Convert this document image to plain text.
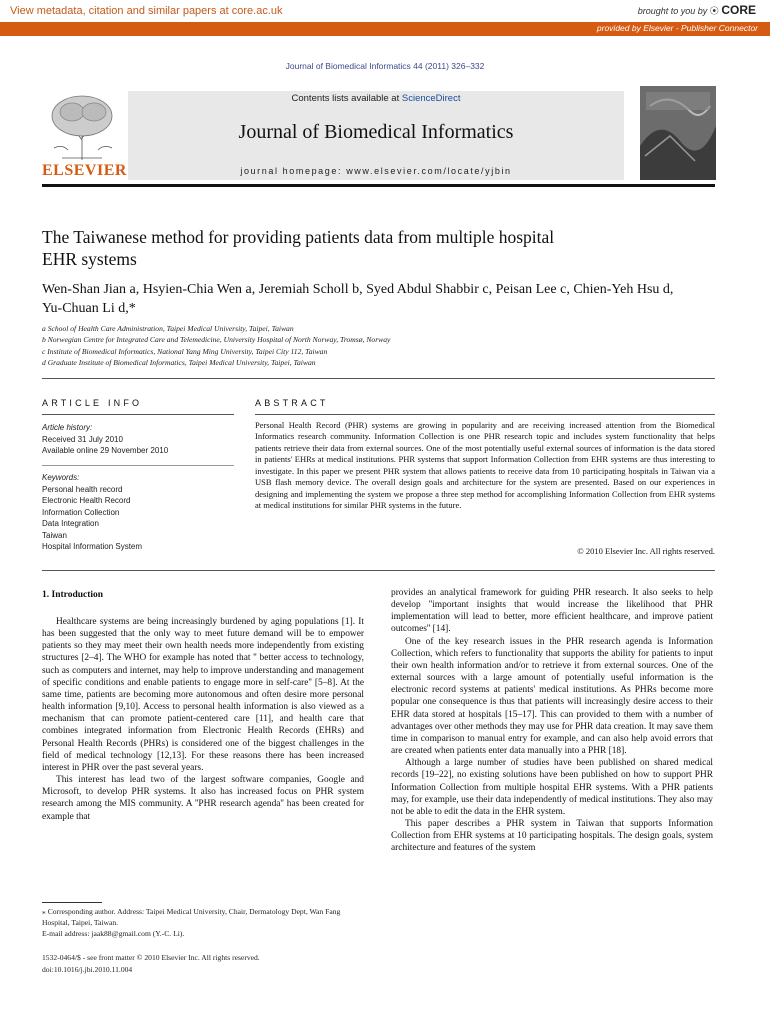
View metadata, citation and similar papers at core.ac.uk	brought to you by ⦿ CORE
provided by Elsevier - Publisher Connector
Journal of Biomedical Informatics 44 (2011) 326–332
ELSEVIER
Contents lists available at ScienceDirect
Journal of Biomedical Informatics
journal homepage: www.elsevier.com/locate/yjbin
The Taiwanese method for providing patients data from multiple hospital
EHR systems
Wen-Shan Jian a, Hsyien-Chia Wen a, Jeremiah Scholl b, Syed Abdul Shabbir c, Peisan Lee c, Chien-Yeh Hsu d,
Yu-Chuan Li d,*
a School of Health Care Administration, Taipei Medical University, Taipei, Taiwan
b Norwegian Centre for Integrated Care and Telemedicine, University Hospital of North Norway, Tromsø, Norway
c Institute of Biomedical Informatics, National Yang Ming University, Taipei City 112, Taiwan
d Graduate Institute of Biomedical Informatics, Taipei Medical University, Taipei, Taiwan
ARTICLE INFO
Article history:
Received 31 July 2010
Available online 29 November 2010
Keywords:
Personal health record
Electronic Health Record
Information Collection
Data Integration
Taiwan
Hospital Information System
ABSTRACT
Personal Health Record (PHR) systems are growing in popularity and are receiving increased attention from the Biomedical Informatics research community. Information Collection is one PHR research topic and includes system functionality that helps patients retrieve their data from external sources. One of the most potentially useful external sources of information is the data stored in patients' EHRs at medical institutions. PHR systems that support Information Collection from EHR systems are thus interesting to investigate. In this paper we present PHR system that allows patients to receive data from 10 participating hospitals in Taiwan via a USB flash memory device. The overall design goals and architecture for the system are presented. Based on our experiences in designing and implementing the system we propose a three step method for accomplishing Information Collection from EHR systems at medical institutions for similar PHR systems in the future.
© 2010 Elsevier Inc. All rights reserved.
1. Introduction

Healthcare systems are being increasingly burdened by aging populations [1]. It has been suggested that the only way to meet future demand will be to empower patients so they may meet their own health needs more independently from existing structures [2–4]. The WHO for example has noted that '' better access to technology, such as computers and internet, may help to improve understanding and management of specific conditions and enable patients to engage more in self-care'' [5–8]. At the same time, patients are becoming more autonomous and often desire more personal health information [9,10]. Access to personal health information is also viewed as a mechanism that can promote patient-centered care [11], and health care that combines integrated information from Electronic Health Records (EHRs) and Personal Health Records (PHRs) is considered one of the biggest challenges in the field of medical technology [12,13]. For these reasons there has been increased interest in PHR over the past several years.

This interest has lead two of the largest software companies, Google and Microsoft, to develop PHR systems. It also has increased focus on PHR system research among the MIS community. A ''PHR research agenda'' has been created for example that

provides an analytical framework for guiding PHR research. It also seeks to help develop ''important insights that would increase the likelihood that PHR implementation will lead to better, more efficient healthcare, and improve patient outcomes'' [14].

One of the key research issues in the PHR research agenda is Information Collection, which refers to functionality that supports the ability for patients to input their own health information and/or to retrieve it from external sources. One of the external sources with a large amount of potentially useful information is the electronic record systems at patients' medical institutions. As PHRs become more popular one consequence is thus that patients will increasingly desire access to their EHR data stored at hospitals [15–17]. This can provided to them with a number of advantages over other methods they may use for PHR data creation. It may save them time in comparison to manual entry for example, and can also help avoid errors that are created when patients enter data manually into a PHR [18].

Although a large number of studies have been published on shared medical records [19–22], no existing solutions have been published on how to support PHR Information Collection from multiple hospital EHR systems. With a PHR patients may, for example, use their data independently of medical institutions. They also may not be able to edit the data in the EHR system.

This paper describes a PHR system in Taiwan that supports Information Collection from EHR systems at 10 participating hospitals. The design goals, system architecture and features of the system

⁎ Corresponding author. Address: Taipei Medical University, Chair, Dermatology Dept, Wan Fang Hospital, Taipei, Taiwan.
E-mail address: jaak88@gmail.com (Y.-C. Li).
1532-0464/$ - see front matter © 2010 Elsevier Inc. All rights reserved.
doi:10.1016/j.jbi.2010.11.004
